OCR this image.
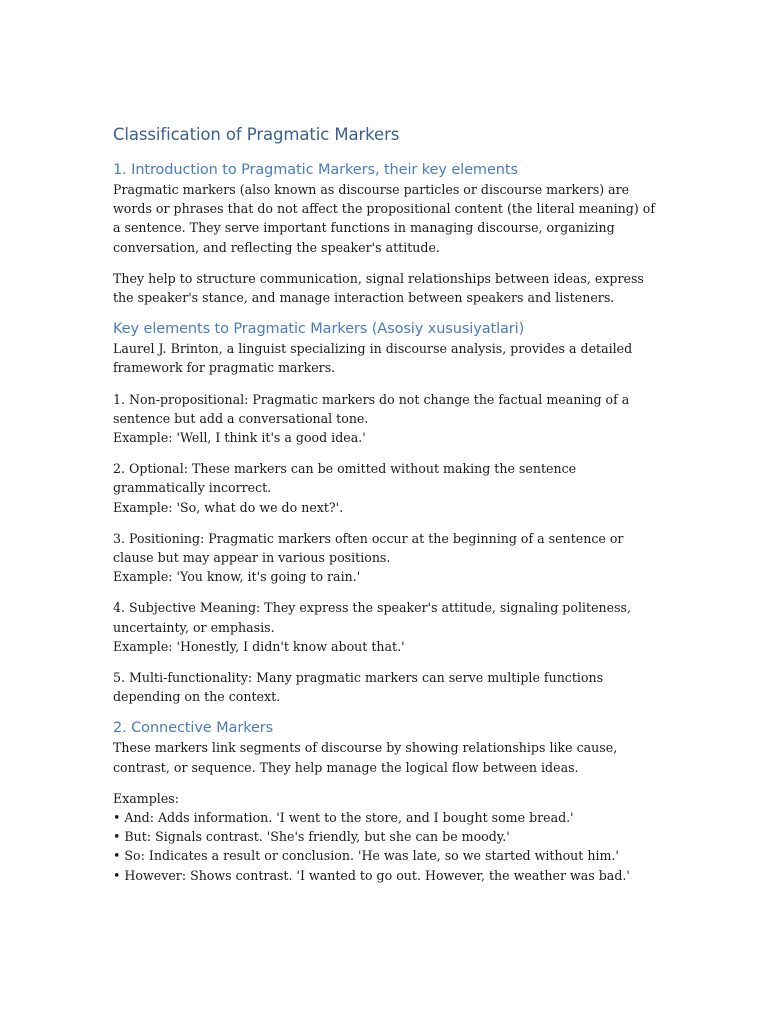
Classification of Pragmatic Markers
1. Introduction to Pragmatic Markers, their key elements

Pragmatic markers (also known as discourse particles or discourse markers) are words or phrases that do not affect the propositional content (the literal meaning) of a sentence. They serve important functions in managing discourse, organizing conversation, and reflecting the speaker's attitude.

They help to structure communication, signal relationships between ideas, express the speaker's stance, and manage interaction between speakers and listeners.

Key elements to Pragmatic Markers (Asosiy xususiyatlari)

Laurel J. Brinton, a linguist specializing in discourse analysis, provides a detailed framework for pragmatic markers.

1. Non-propositional: Pragmatic markers do not change the factual meaning of a sentence but add a conversational tone.
Example: 'Well, I think it's a good idea.'
2. Optional: These markers can be omitted without making the sentence grammatically incorrect.
Example: 'So, what do we do next?'.
3. Positioning: Pragmatic markers often occur at the beginning of a sentence or clause but may appear in various positions.
Example: 'You know, it's going to rain.'
4. Subjective Meaning: They express the speaker's attitude, signaling politeness, uncertainty, or emphasis.
Example: 'Honestly, I didn't know about that.'
5. Multi-functionality: Many pragmatic markers can serve multiple functions depending on the context.
2. Connective Markers

These markers link segments of discourse by showing relationships like cause, contrast, or sequence. They help manage the logical flow between ideas.

Examples:
• And: Adds information. 'I went to the store, and I bought some bread.'
• But: Signals contrast. 'She's friendly, but she can be moody.'
• So: Indicates a result or conclusion. 'He was late, so we started without him.'
• However: Shows contrast. 'I wanted to go out. However, the weather was bad.'
